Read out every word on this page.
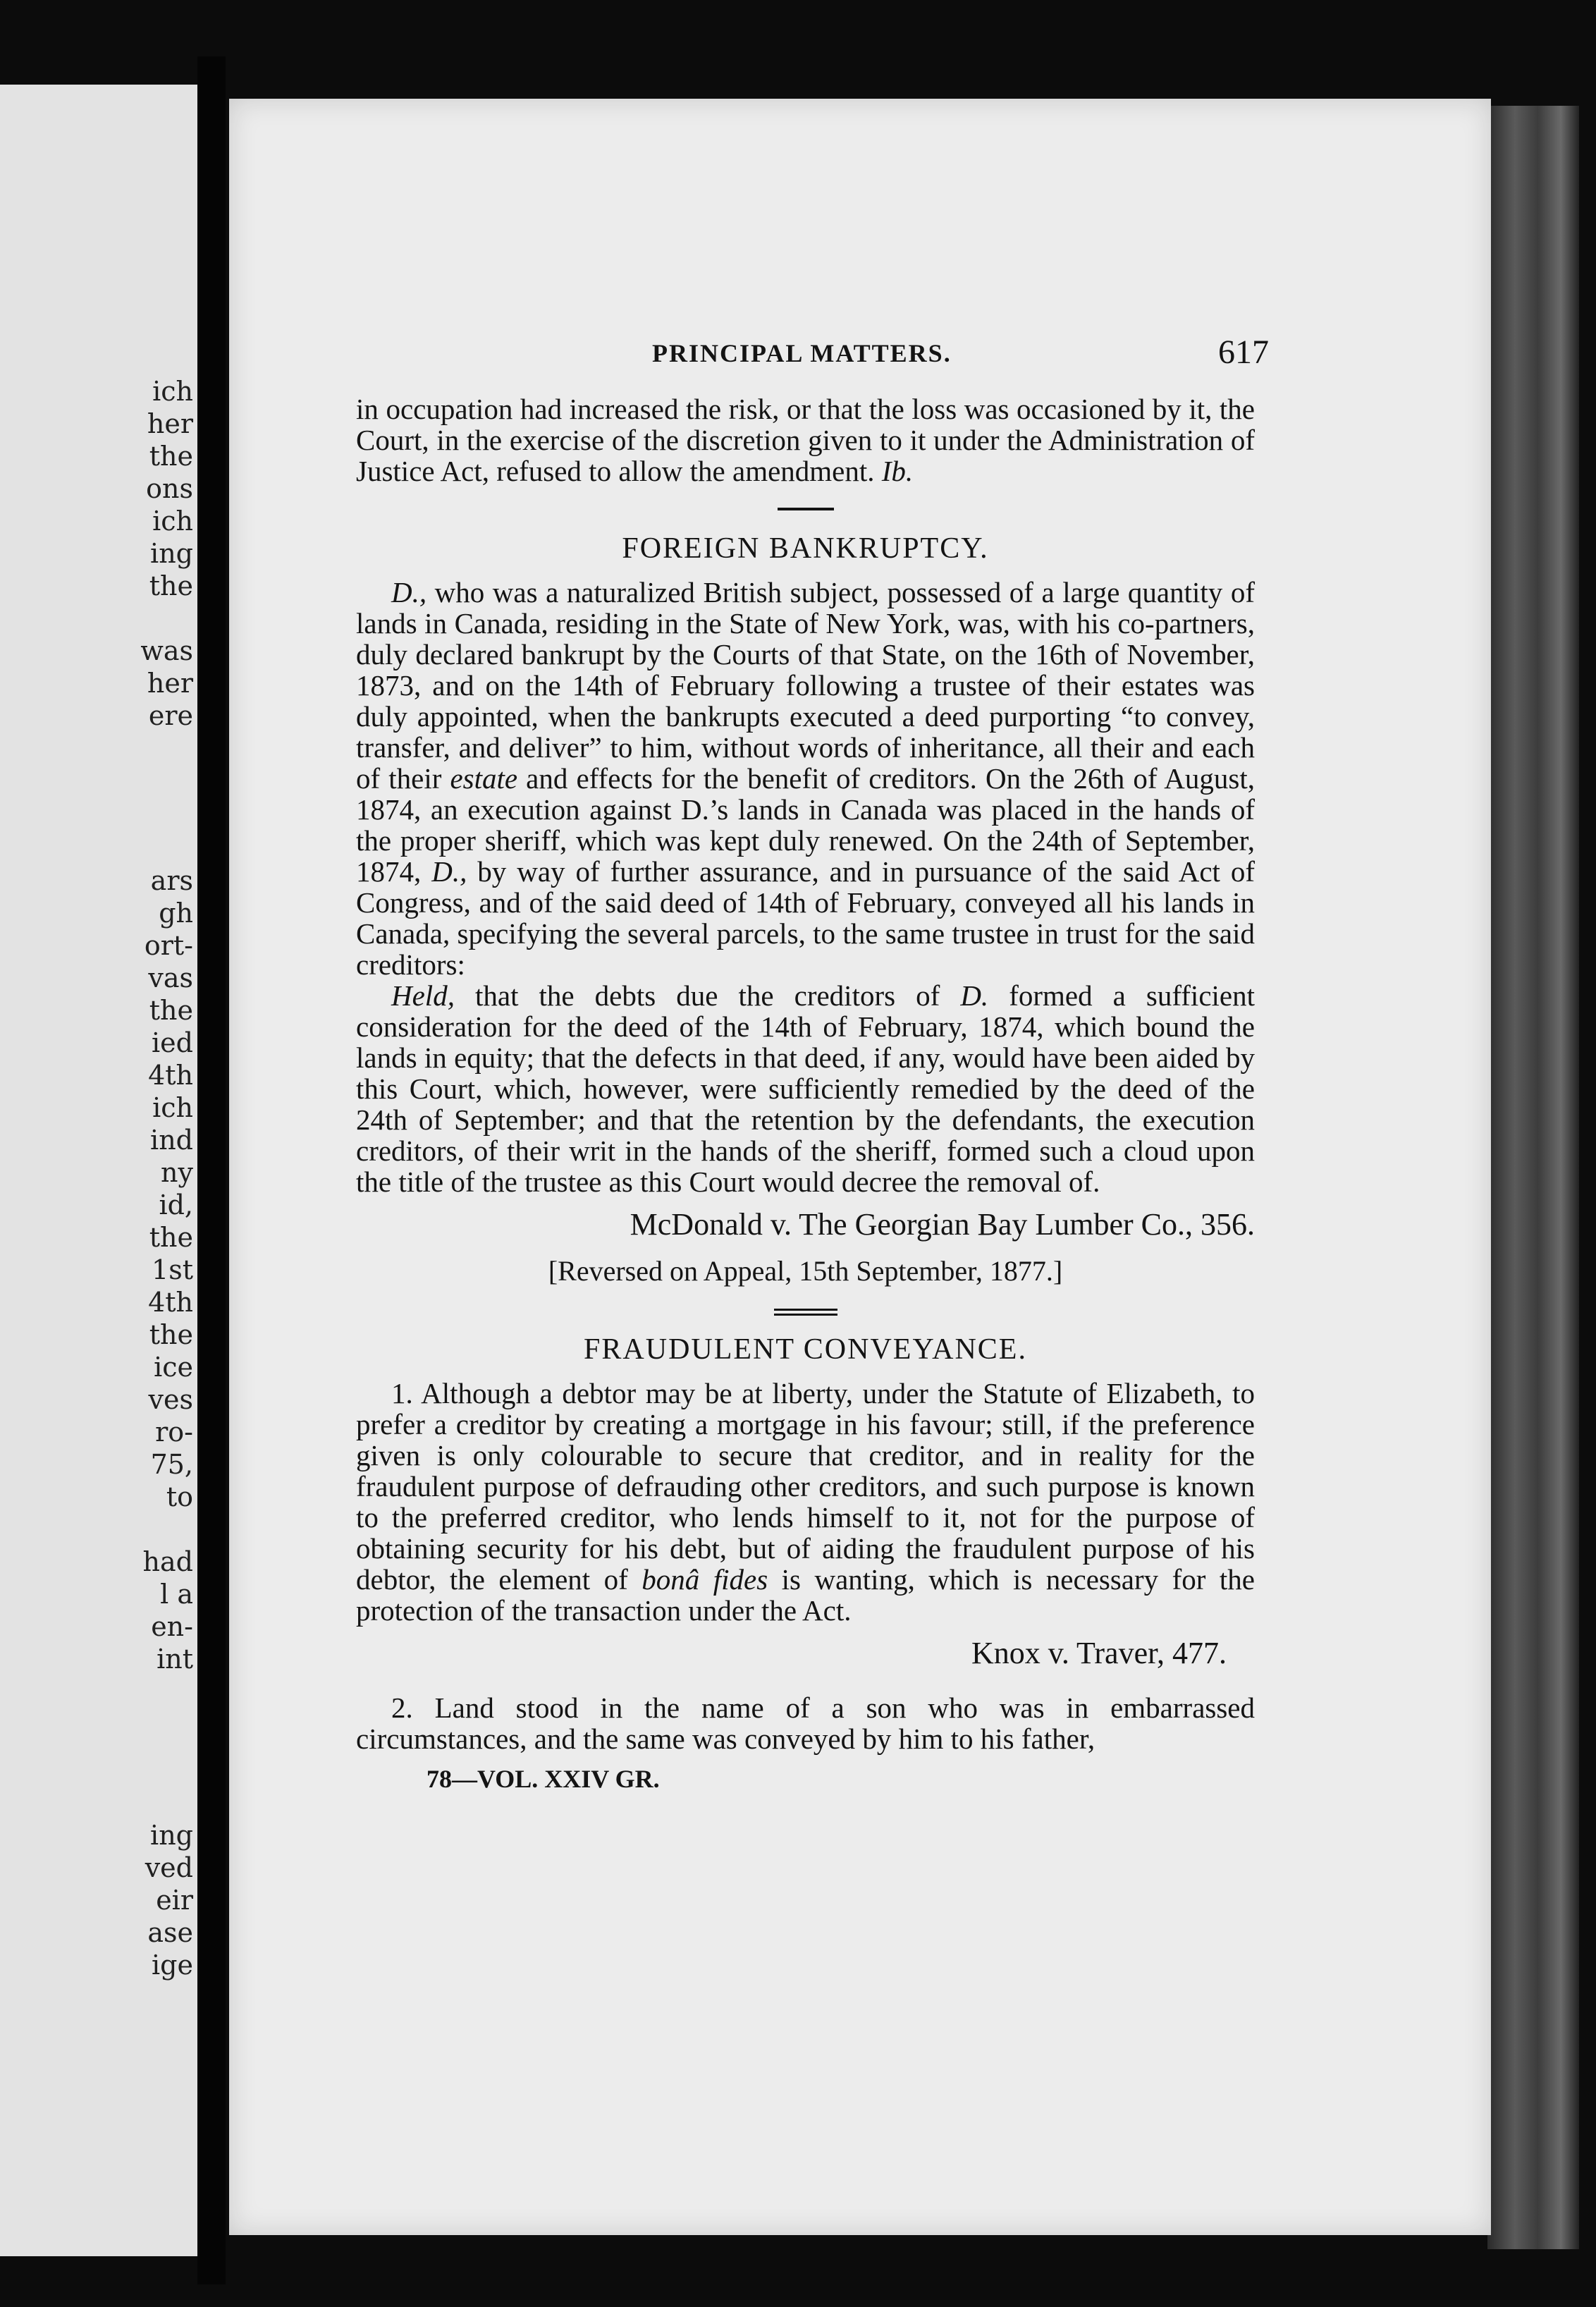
ich
her
the
ons
ich
ing
the
was
her
ere
ars
gh
ort-
vas
the
ied
4th
ich
ind
ny
id,
the
1st
4th
the
ice
ves
ro-
75,
to
had
l a
en-
int
ing
ved
eir
ase
ige
PRINCIPAL MATTERS.	617

in occupation had increased the risk, or that the loss was occasioned by it, the Court, in the exercise of the discretion given to it under the Administration of Justice Act, refused to allow the amendment. Ib.

FOREIGN BANKRUPTCY.

D., who was a naturalized British subject, possessed of a large quantity of lands in Canada, residing in the State of New York, was, with his co-partners, duly declared bankrupt by the Courts of that State, on the 16th of November, 1873, and on the 14th of February following a trustee of their estates was duly appointed, when the bankrupts executed a deed purporting “to convey, transfer, and deliver” to him, without words of inheritance, all their and each of their estate and effects for the benefit of creditors. On the 26th of August, 1874, an execution against D.’s lands in Canada was placed in the hands of the proper sheriff, which was kept duly renewed. On the 24th of September, 1874, D., by way of further assurance, and in pursuance of the said Act of Congress, and of the said deed of 14th of February, conveyed all his lands in Canada, specifying the several parcels, to the same trustee in trust for the said creditors:

Held, that the debts due the creditors of D. formed a sufficient consideration for the deed of the 14th of February, 1874, which bound the lands in equity; that the defects in that deed, if any, would have been aided by this Court, which, however, were sufficiently remedied by the deed of the 24th of September; and that the retention by the defendants, the execution creditors, of their writ in the hands of the sheriff, formed such a cloud upon the title of the trustee as this Court would decree the removal of.

McDonald v. The Georgian Bay Lumber Co., 356.
[Reversed on Appeal, 15th September, 1877.]
FRAUDULENT CONVEYANCE.

1. Although a debtor may be at liberty, under the Statute of Elizabeth, to prefer a creditor by creating a mortgage in his favour; still, if the preference given is only colourable to secure that creditor, and in reality for the fraudulent purpose of defrauding other creditors, and such purpose is known to the preferred creditor, who lends himself to it, not for the purpose of obtaining security for his debt, but of aiding the fraudulent purpose of his debtor, the element of bonâ fides is wanting, which is necessary for the protection of the transaction under the Act.

Knox v. Traver, 477.

2. Land stood in the name of a son who was in embarrassed circumstances, and the same was conveyed by him to his father,

78—VOL. XXIV GR.
